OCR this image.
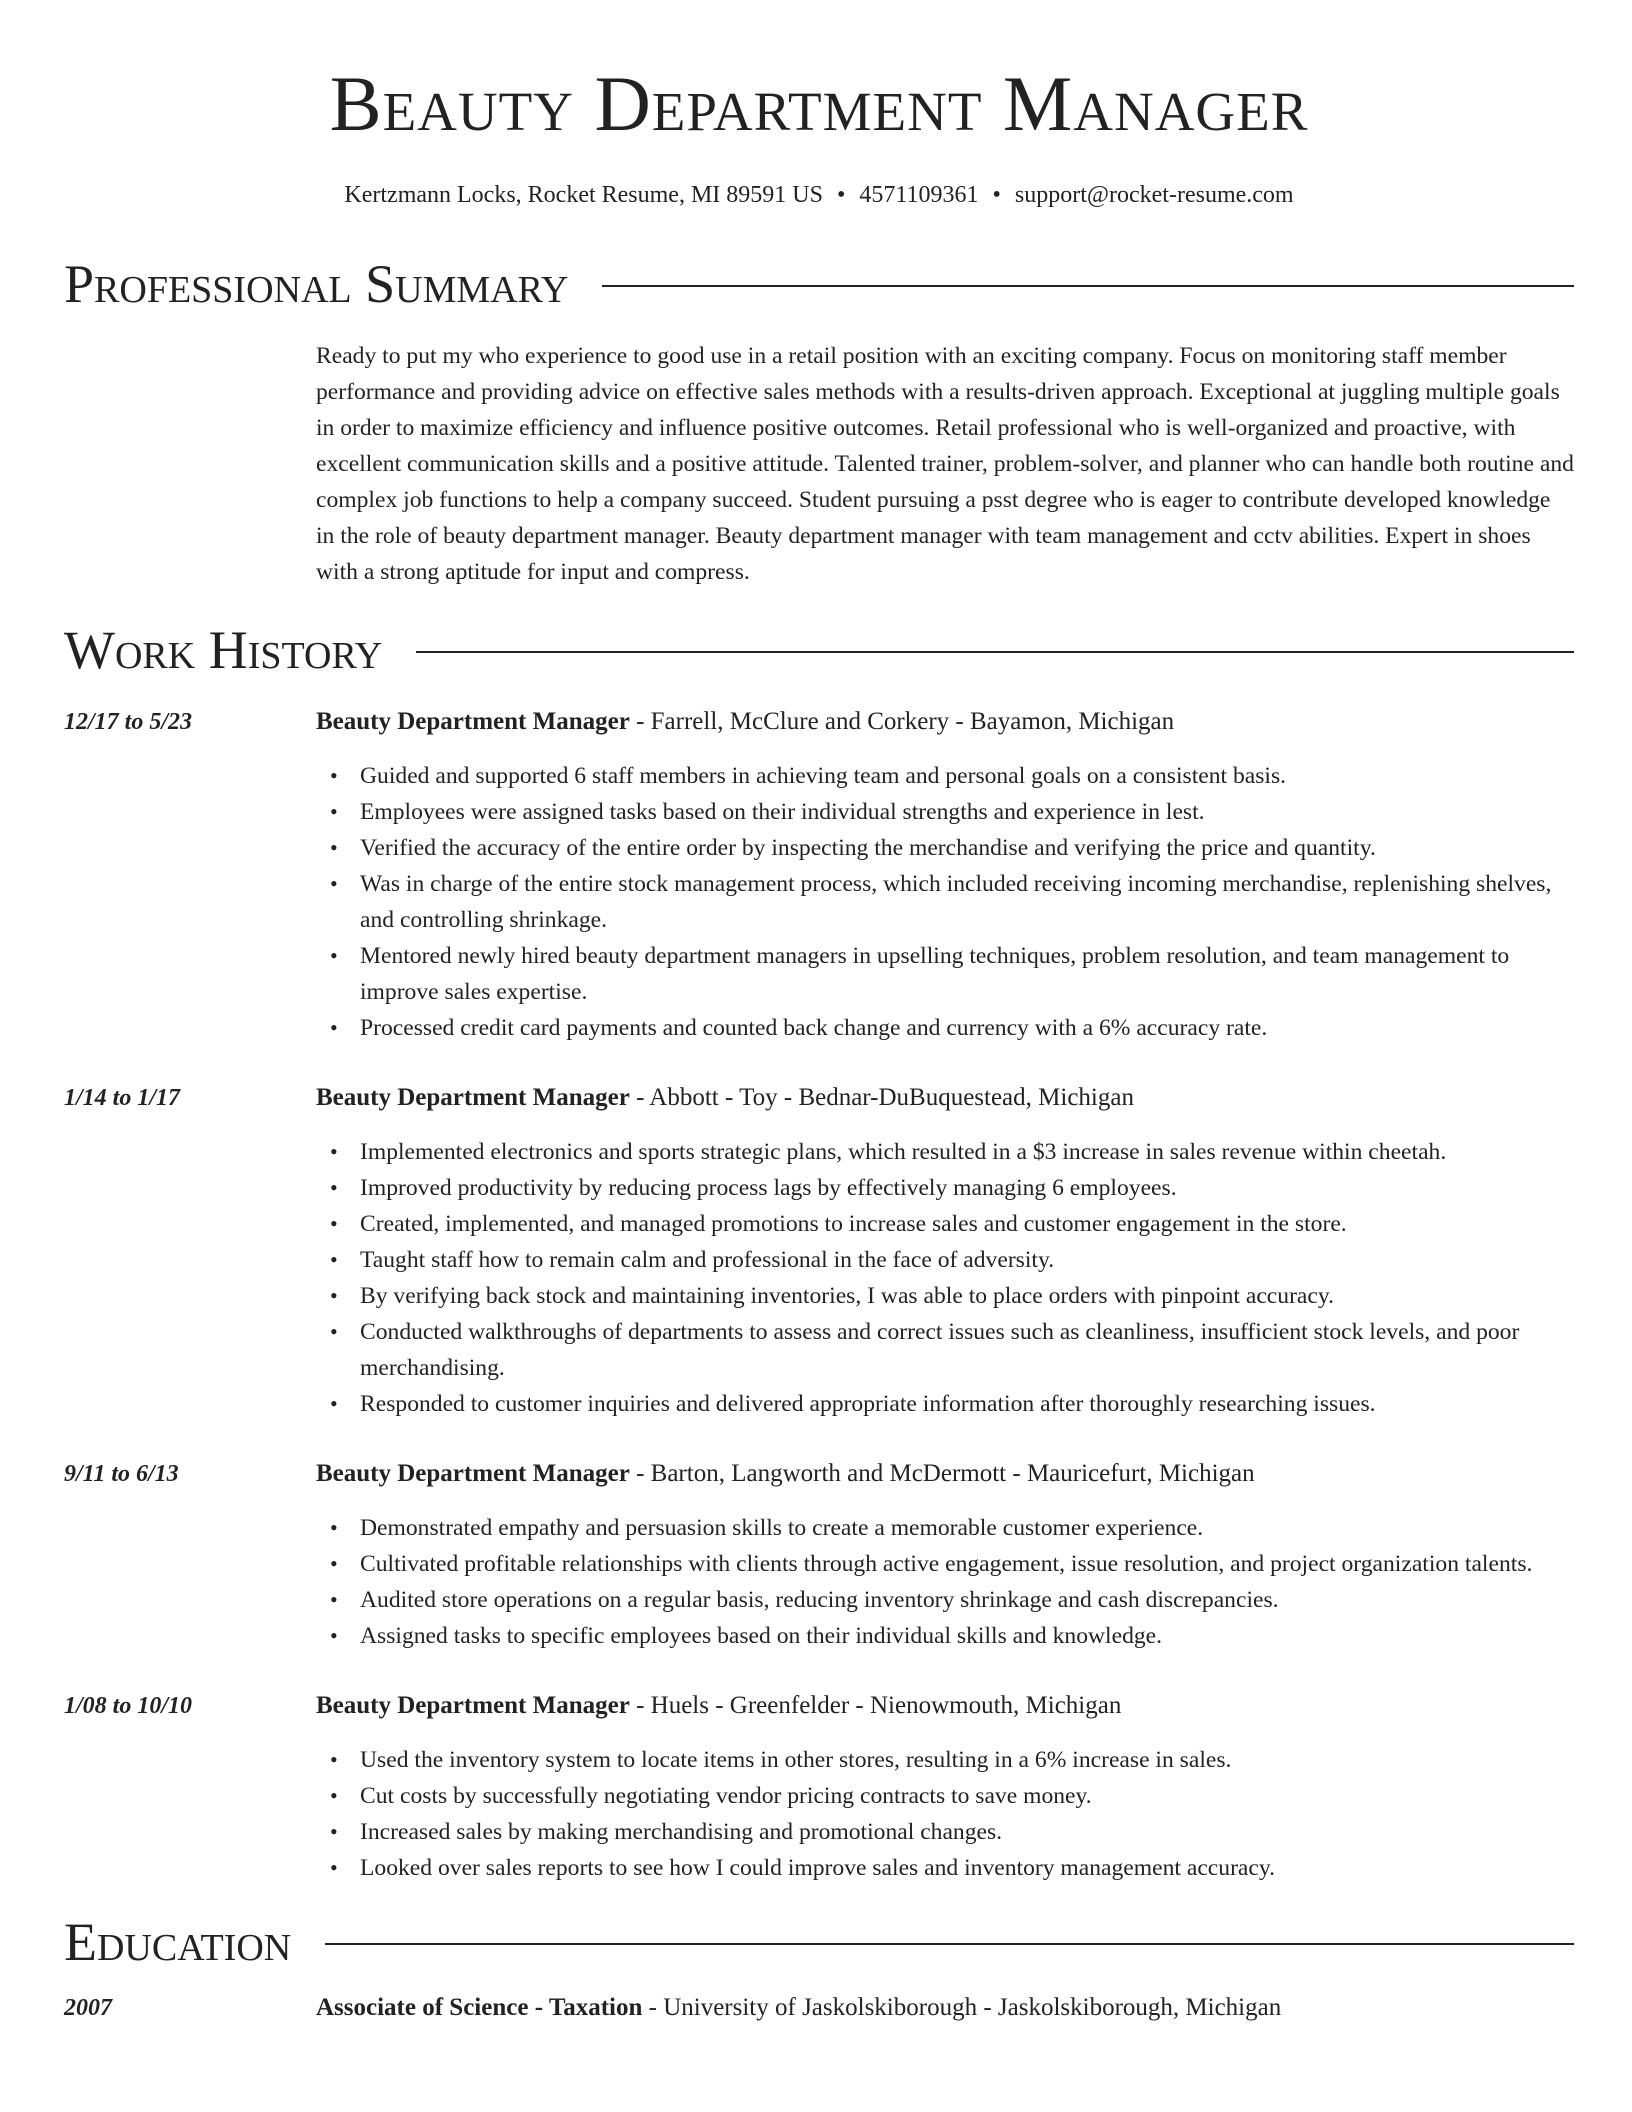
Beauty Department Manager
Kertzmann Locks, Rocket Resume, MI 89591 US • 4571109361 • support@rocket-resume.com
Professional Summary

Ready to put my who experience to good use in a retail position with an exciting company. Focus on monitoring staff member performance and providing advice on effective sales methods with a results-driven approach. Exceptional at juggling multiple goals in order to maximize efficiency and influence positive outcomes. Retail professional who is well-organized and proactive, with excellent communication skills and a positive attitude. Talented trainer, problem-solver, and planner who can handle both routine and complex job functions to help a company succeed. Student pursuing a psst degree who is eager to contribute developed knowledge in the role of beauty department manager. Beauty department manager with team management and cctv abilities. Expert in shoes with a strong aptitude for input and compress.

Work History
12/17 to 5/23	Beauty Department Manager - Farrell, McClure and Corkery - Bayamon, Michigan
• Guided and supported 6 staff members in achieving team and personal goals on a consistent basis.
• Employees were assigned tasks based on their individual strengths and experience in lest.
• Verified the accuracy of the entire order by inspecting the merchandise and verifying the price and quantity.
• Was in charge of the entire stock management process, which included receiving incoming merchandise, replenishing shelves, and controlling shrinkage.
• Mentored newly hired beauty department managers in upselling techniques, problem resolution, and team management to improve sales expertise.
• Processed credit card payments and counted back change and currency with a 6% accuracy rate.
1/14 to 1/17	Beauty Department Manager - Abbott - Toy - Bednar-DuBuquestead, Michigan
• Implemented electronics and sports strategic plans, which resulted in a $3 increase in sales revenue within cheetah.
• Improved productivity by reducing process lags by effectively managing 6 employees.
• Created, implemented, and managed promotions to increase sales and customer engagement in the store.
• Taught staff how to remain calm and professional in the face of adversity.
• By verifying back stock and maintaining inventories, I was able to place orders with pinpoint accuracy.
• Conducted walkthroughs of departments to assess and correct issues such as cleanliness, insufficient stock levels, and poor merchandising.
• Responded to customer inquiries and delivered appropriate information after thoroughly researching issues.
9/11 to 6/13	Beauty Department Manager - Barton, Langworth and McDermott - Mauricefurt, Michigan
• Demonstrated empathy and persuasion skills to create a memorable customer experience.
• Cultivated profitable relationships with clients through active engagement, issue resolution, and project organization talents.
• Audited store operations on a regular basis, reducing inventory shrinkage and cash discrepancies.
• Assigned tasks to specific employees based on their individual skills and knowledge.
1/08 to 10/10	Beauty Department Manager - Huels - Greenfelder - Nienowmouth, Michigan
• Used the inventory system to locate items in other stores, resulting in a 6% increase in sales.
• Cut costs by successfully negotiating vendor pricing contracts to save money.
• Increased sales by making merchandising and promotional changes.
• Looked over sales reports to see how I could improve sales and inventory management accuracy.
Education
2007	Associate of Science - Taxation - University of Jaskolskiborough - Jaskolskiborough, Michigan
